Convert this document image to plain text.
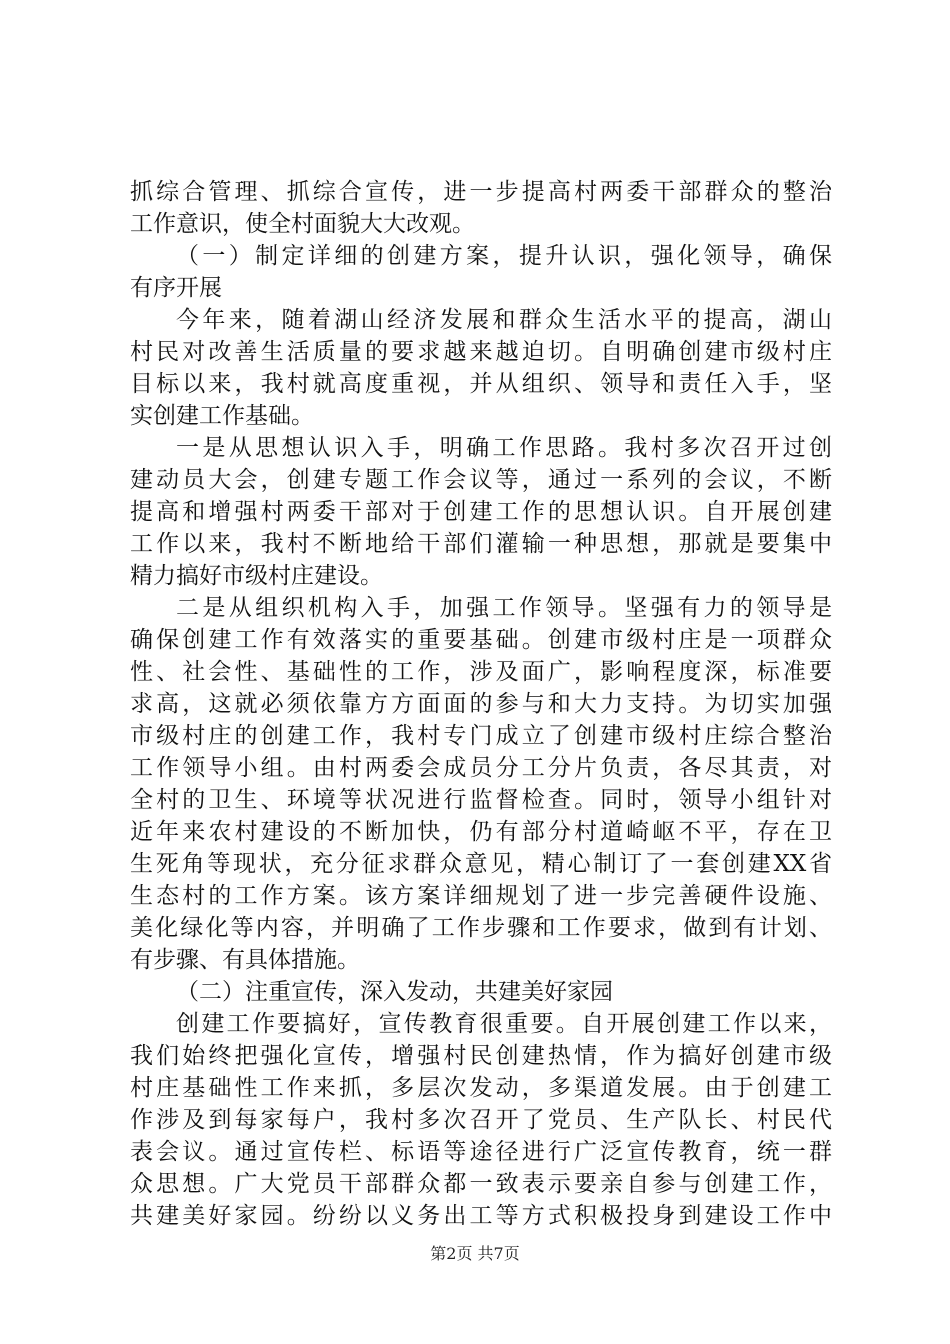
抓综合管理、抓综合宣传，进一步提高村两委干部群众的整治
工作意识，使全村面貌大大改观。
（一）制定详细的创建方案，提升认识，强化领导，确保
有序开展
今年来，随着湖山经济发展和群众生活水平的提高，湖山
村民对改善生活质量的要求越来越迫切。自明确创建市级村庄
目标以来，我村就高度重视，并从组织、领导和责任入手，坚
实创建工作基础。
一是从思想认识入手，明确工作思路。我村多次召开过创
建动员大会，创建专题工作会议等，通过一系列的会议，不断
提高和增强村两委干部对于创建工作的思想认识。自开展创建
工作以来，我村不断地给干部们灌输一种思想，那就是要集中
精力搞好市级村庄建设。
二是从组织机构入手，加强工作领导。坚强有力的领导是
确保创建工作有效落实的重要基础。创建市级村庄是一项群众
性、社会性、基础性的工作，涉及面广，影响程度深，标准要
求高，这就必须依靠方方面面的参与和大力支持。为切实加强
市级村庄的创建工作，我村专门成立了创建市级村庄综合整治
工作领导小组。由村两委会成员分工分片负责，各尽其责，对
全村的卫生、环境等状况进行监督检查。同时，领导小组针对
近年来农村建设的不断加快，仍有部分村道崎岖不平，存在卫
生死角等现状，充分征求群众意见，精心制订了一套创建XX省
生态村的工作方案。该方案详细规划了进一步完善硬件设施、
美化绿化等内容，并明确了工作步骤和工作要求，做到有计划、
有步骤、有具体措施。
（二）注重宣传，深入发动，共建美好家园
创建工作要搞好，宣传教育很重要。自开展创建工作以来，
我们始终把强化宣传，增强村民创建热情，作为搞好创建市级
村庄基础性工作来抓，多层次发动，多渠道发展。由于创建工
作涉及到每家每户，我村多次召开了党员、生产队长、村民代
表会议。通过宣传栏、标语等途径进行广泛宣传教育，统一群
众思想。广大党员干部群众都一致表示要亲自参与创建工作，
共建美好家园。纷纷以义务出工等方式积极投身到建设工作中
第2页 共7页
